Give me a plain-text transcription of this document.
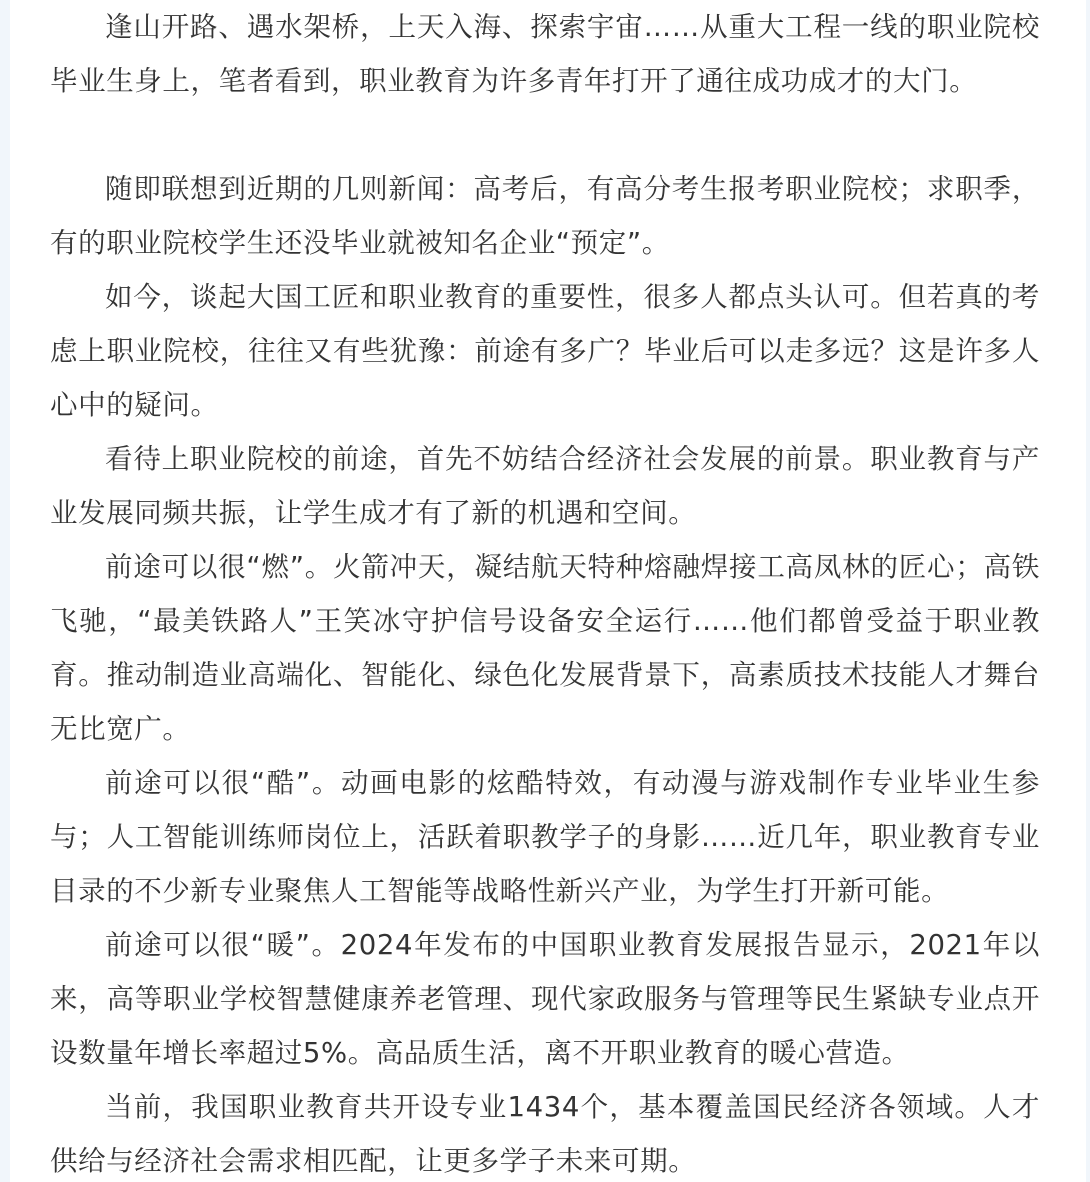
逢山开路、遇水架桥，上天入海、探索宇宙……从重大工程一线的职业院校毕业生身上，笔者看到，职业教育为许多青年打开了通往成功成才的大门。

随即联想到近期的几则新闻：高考后，有高分考生报考职业院校；求职季，有的职业院校学生还没毕业就被知名企业“预定”。

如今，谈起大国工匠和职业教育的重要性，很多人都点头认可。但若真的考虑上职业院校，往往又有些犹豫：前途有多广？毕业后可以走多远？这是许多人心中的疑问。

看待上职业院校的前途，首先不妨结合经济社会发展的前景。职业教育与产业发展同频共振，让学生成才有了新的机遇和空间。

前途可以很“燃”。火箭冲天，凝结航天特种熔融焊接工高凤林的匠心；高铁飞驰，“最美铁路人”王笑冰守护信号设备安全运行……他们都曾受益于职业教育。推动制造业高端化、智能化、绿色化发展背景下，高素质技术技能人才舞台无比宽广。

前途可以很“酷”。动画电影的炫酷特效，有动漫与游戏制作专业毕业生参与；人工智能训练师岗位上，活跃着职教学子的身影……近几年，职业教育专业目录的不少新专业聚焦人工智能等战略性新兴产业，为学生打开新可能。

前途可以很“暖”。2024年发布的中国职业教育发展报告显示，2021年以来，高等职业学校智慧健康养老管理、现代家政服务与管理等民生紧缺专业点开设数量年增长率超过5%。高品质生活，离不开职业教育的暖心营造。

当前，我国职业教育共开设专业1434个，基本覆盖国民经济各领域。人才供给与经济社会需求相匹配，让更多学子未来可期。
